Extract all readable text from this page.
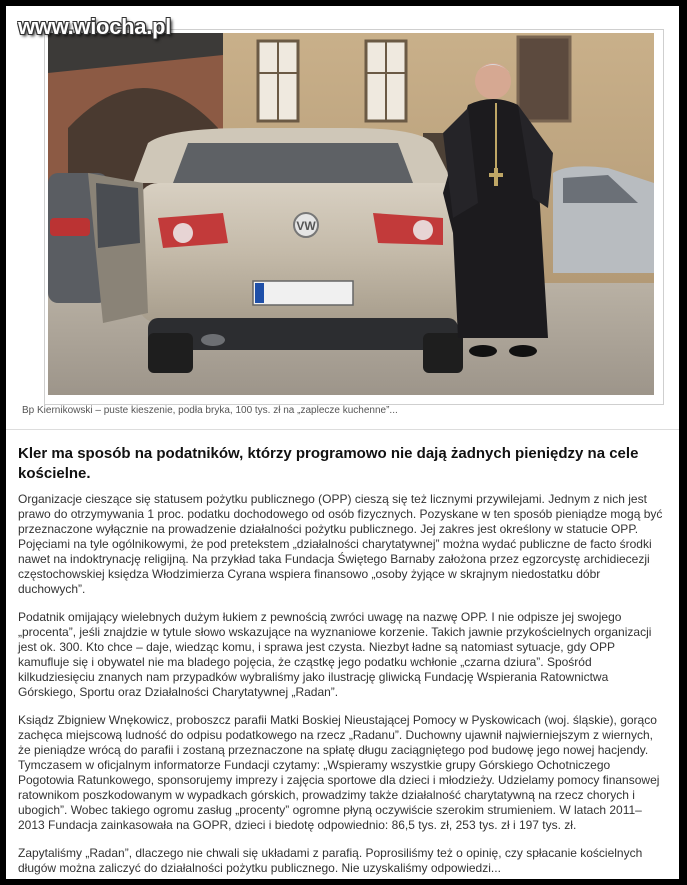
www.wiocha.pl
VW
Bp Kiernikowski – puste kieszenie, podła bryka, 100 tys. zł na „zaplecze kuchenne”...
Kler ma sposób na podatników, którzy programowo nie dają żadnych pieniędzy na cele kościelne.

Organizacje cieszące się statusem pożytku publicznego (OPP) cieszą się też licznymi przywilejami. Jednym z nich jest prawo do otrzymywania 1 proc. podatku dochodowego od osób fizycznych. Pozyskane w ten sposób pieniądze mogą być przeznaczone wyłącznie na prowadzenie działalności pożytku publicznego. Jej zakres jest określony w statucie OPP. Pojęciami na tyle ogólnikowymi, że pod pretekstem „działalności charytatywnej” można wydać publiczne de facto środki nawet na indoktrynację religijną. Na przykład taka Fundacja Świętego Barnaby założona przez egzorcystę archidiecezji częstochowskiej księdza Włodzimierza Cyrana wspiera finansowo „osoby żyjące w skrajnym niedostatku dóbr duchowych”.

Podatnik omijający wielebnych dużym łukiem z pewnością zwróci uwagę na nazwę OPP. I nie odpisze jej swojego „procenta”, jeśli znajdzie w tytule słowo wskazujące na wyznaniowe korzenie. Takich jawnie przykościelnych organizacji jest ok. 300. Kto chce – daje, wiedząc komu, i sprawa jest czysta. Niezbyt ładne są natomiast sytuacje, gdy OPP kamufluje się i obywatel nie ma bladego pojęcia, że cząstkę jego podatku wchłonie „czarna dziura”. Spośród kilkudziesięciu znanych nam przypadków wybraliśmy jako ilustrację gliwicką Fundację Wspierania Ratownictwa Górskiego, Sportu oraz Działalności Charytatywnej „Radan”.

Ksiądz Zbigniew Wnękowicz, proboszcz parafii Matki Boskiej Nieustającej Pomocy w Pyskowicach (woj. śląskie), gorąco zachęca miejscową ludność do odpisu podatkowego na rzecz „Radanu”. Duchowny ujawnił najwierniejszym z wiernych, że pieniądze wrócą do parafii i zostaną przeznaczone na spłatę długu zaciągniętego pod budowę jego nowej hacjendy. Tymczasem w oficjalnym informatorze Fundacji czytamy: „Wspieramy wszystkie grupy Górskiego Ochotniczego Pogotowia Ratunkowego, sponsorujemy imprezy i zajęcia sportowe dla dzieci i młodzieży. Udzielamy pomocy finansowej ratownikom poszkodowanym w wypadkach górskich, prowadzimy także działalność charytatywną na rzecz chorych i ubogich”. Wobec takiego ogromu zasług „procenty” ogromne płyną oczywiście szerokim strumieniem. W latach 2011–2013 Fundacja zainkasowała na GOPR, dzieci i biedotę odpowiednio: 86,5 tys. zł, 253 tys. zł i 197 tys. zł.

Zapytaliśmy „Radan”, dlaczego nie chwali się układami z parafią. Poprosiliśmy też o opinię, czy spłacanie kościelnych długów można zaliczyć do działalności pożytku publicznego. Nie uzyskaliśmy odpowiedzi...
